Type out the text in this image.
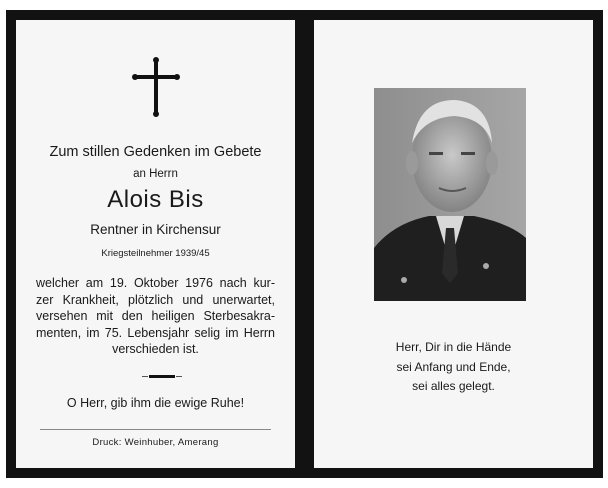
Zum stillen Gedenken im Gebete
an Herrn
Alois Bis
Rentner in Kirchensur
Kriegsteilnehmer 1939/45
welcher am 19. Oktober 1976 nach kur-
zer Krankheit, plötzlich und unerwartet,
versehen mit den heiligen Sterbesakra-
menten, im 75. Lebensjahr selig im Herrn
verschieden ist.
O Herr, gib ihm die ewige Ruhe!
Druck: Weinhuber, Amerang
Herr, Dir in die Hände
sei Anfang und Ende,
sei alles gelegt.
